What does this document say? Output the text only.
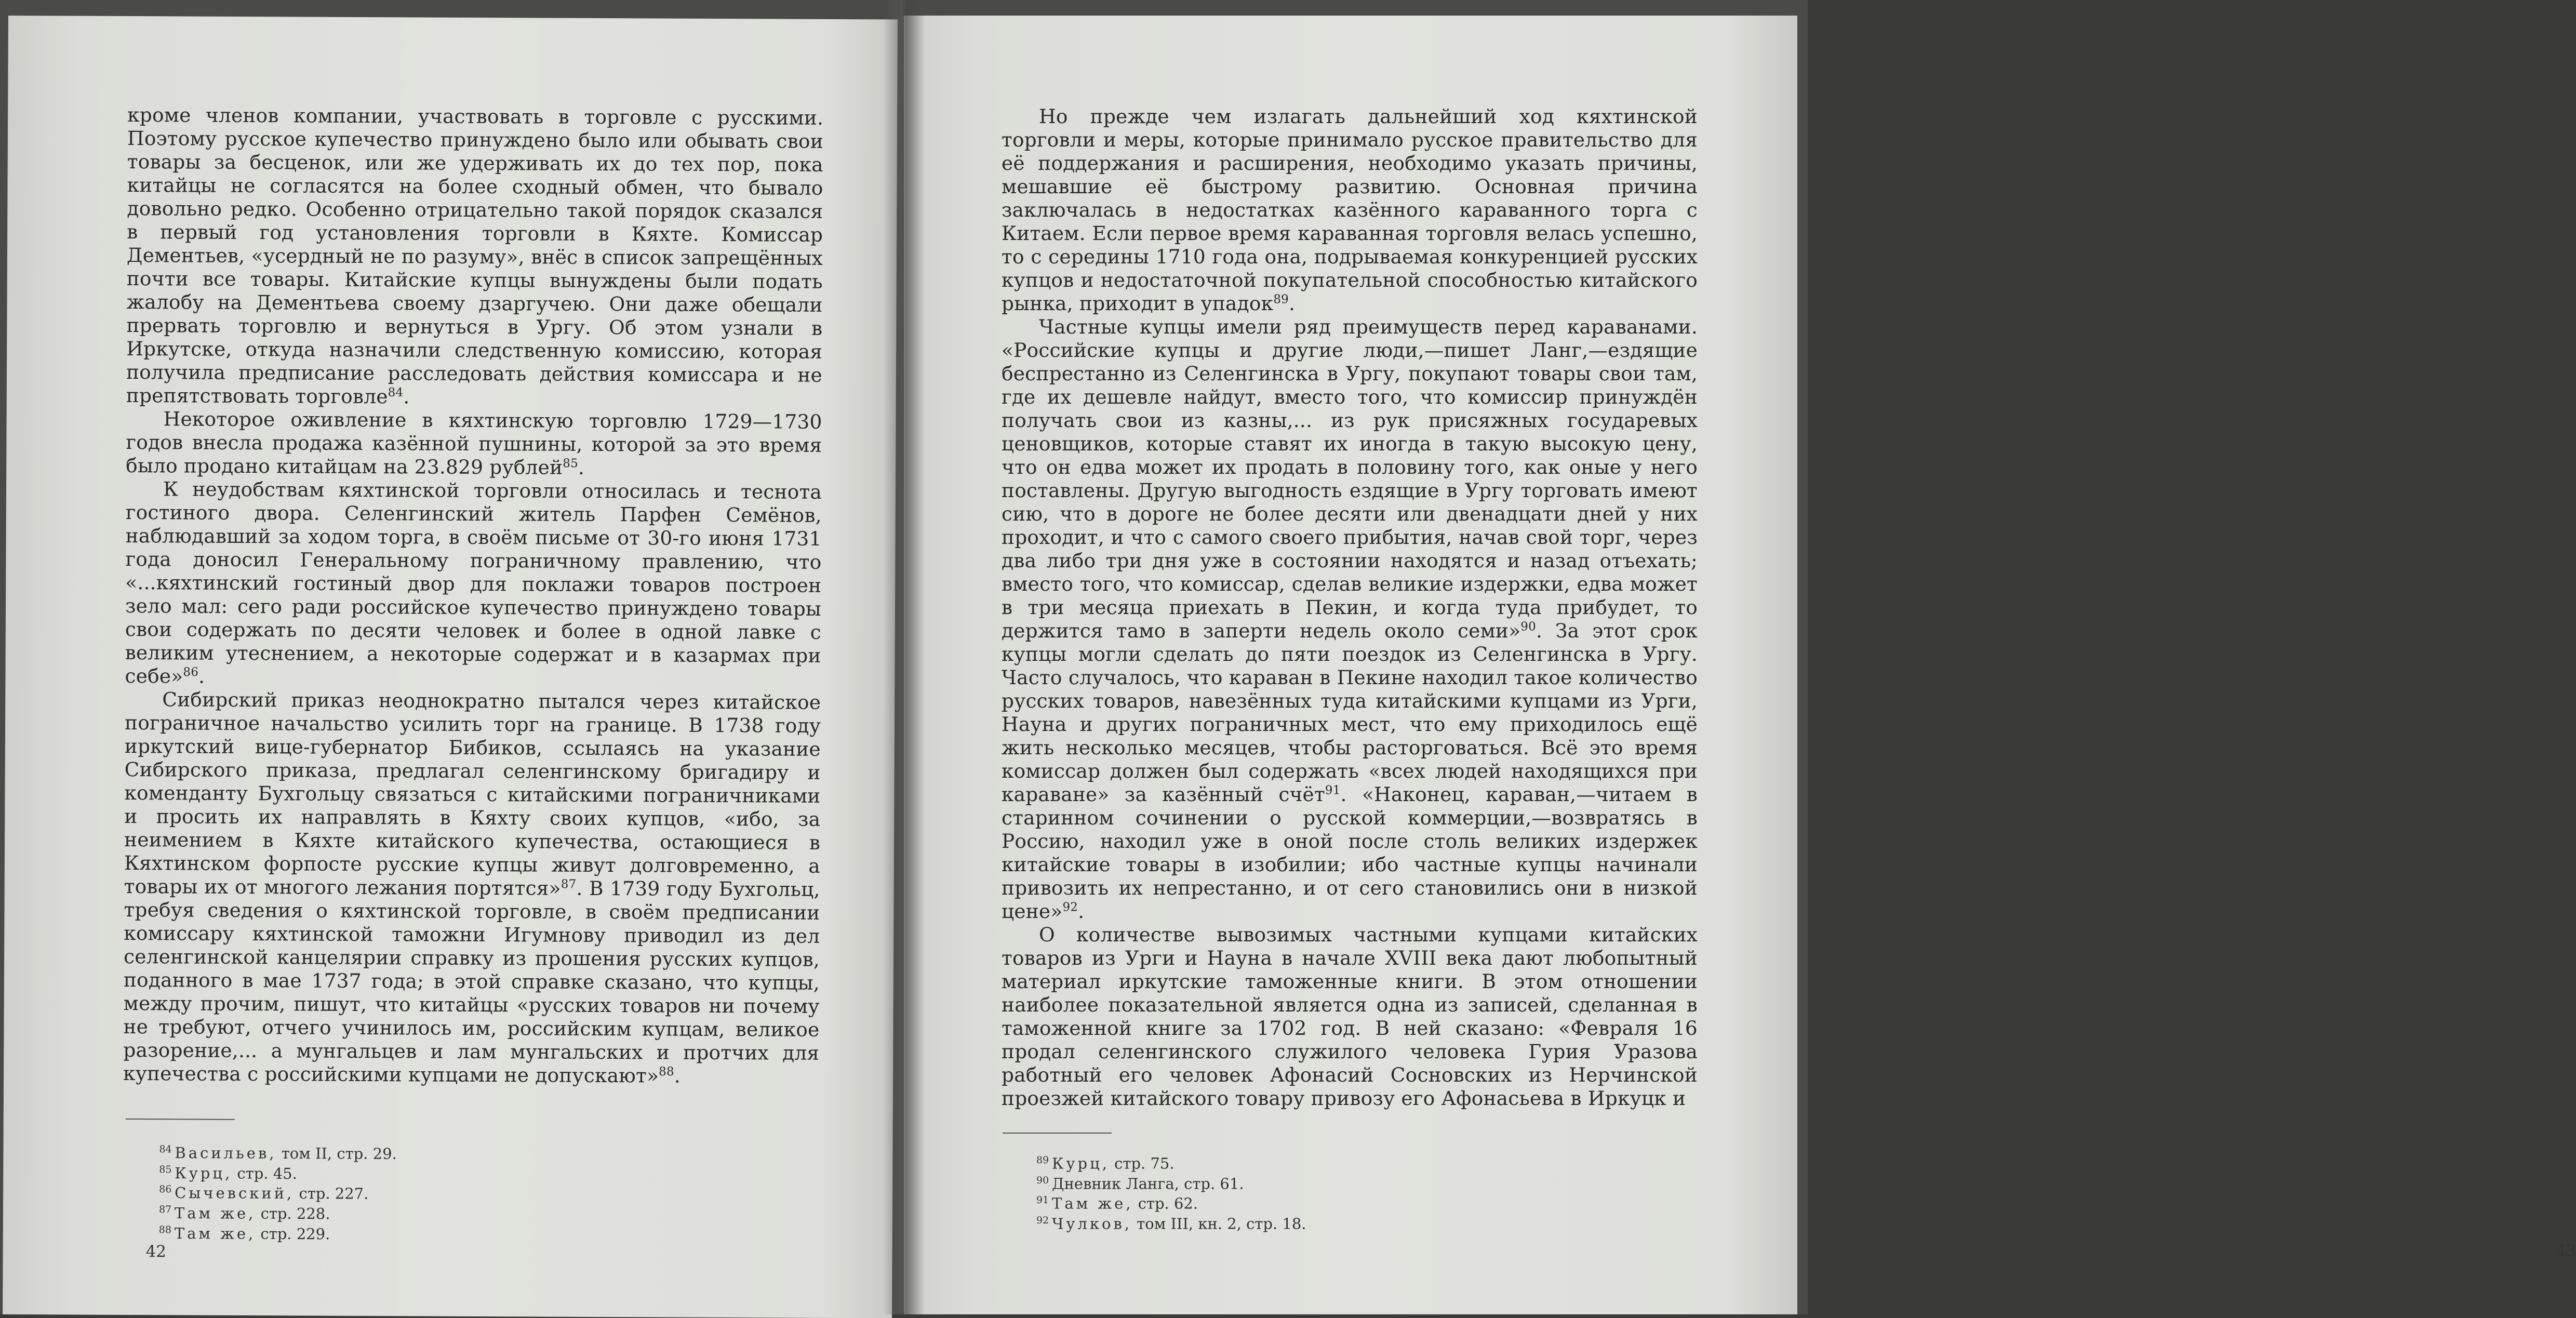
кроме членов компании, участвовать в торговле с русскими. Поэтому русское купечество принуждено было или обывать свои товары за бесценок, или же удерживать их до тех пор, пока китайцы не согласятся на более сходный обмен, что бывало довольно редко. Особенно отрицательно такой порядок сказался в первый год установления торговли в Кяхте. Комиссар Дементьев, «усердный не по разуму», внёс в список запрещённых почти все товары. Китайские купцы вынуждены были подать жалобу на Дементьева своему дзаргучею. Они даже обещали прервать торговлю и вернуться в Ургу. Об этом узнали в Иркутске, откуда назначили следственную комиссию, которая получила предписание расследовать действия комиссара и не препятствовать торговле$^{84}$.

Некоторое оживление в кяхтинскую торговлю 1729—1730 годов внесла продажа казённой пушнины, которой за это время было продано китайцам на 23.829 рублей$^{85}$.

К неудобствам кяхтинской торговли относилась и теснота гостиного двора. Селенгинский житель Парфен Семёнов, наблюдавший за ходом торга, в своём письме от 30-го июня 1731 года доносил Генеральному пограничному правлению, что «...кяхтинский гостиный двор для поклажи товаров построен зело мал: сего ради российское купечество принуждено товары свои содержать по десяти человек и более в одной лавке с великим утеснением, а некоторые содержат и в казармах при себе»$^{86}$.

Сибирский приказ неоднократно пытался через китайское пограничное начальство усилить торг на границе. В 1738 году иркутский вице-губернатор Бибиков, ссылаясь на указание Сибирского приказа, предлагал селенгинскому бригадиру и коменданту Бухгольцу связаться с китайскими пограничниками и просить их направлять в Кяхту своих купцов, «ибо, за неимением в Кяхте китайского купечества, остающиеся в Кяхтинском форпосте русские купцы живут долговременно, а товары их от многого лежания портятся»$^{87}$. В 1739 году Бухгольц, требуя сведения о кяхтинской торговле, в своём предписании комиссару кяхтинской таможни Игумнову приводил из дел селенгинской канцелярии справку из прошения русских купцов, поданного в мае 1737 года; в этой справке сказано, что купцы, между прочим, пишут, что китайцы «русских товаров ни почему не требуют, отчего учинилось им, российским купцам, великое разорение,... а мунгальцев и лам мунгальских и протчих для купечества с российскими купцами не допускают»$^{88}$.

84 Васильев, том II, стр. 29.
85 Курц, стр. 45.
86 Сычевский, стр. 227.
87 Там же, стр. 228.
88 Там же, стр. 229.
42

Но прежде чем излагать дальнейший ход кяхтинской торговли и меры, которые принимало русское правительство для её поддержания и расширения, необходимо указать причины, мешавшие её быстрому развитию. Основная причина заключалась в недостатках казённого караванного торга с Китаем. Если первое время караванная торговля велась успешно, то с середины 1710 года она, подрываемая конкуренцией русских купцов и недостаточной покупательной способностью китайского рынка, приходит в упадок$^{89}$.

Частные купцы имели ряд преимуществ перед караванами. «Российские купцы и другие люди,—пишет Ланг,—ездящие беспрестанно из Селенгинска в Ургу, покупают товары свои там, где их дешевле найдут, вместо того, что комиссир принуждён получать свои из казны,... из рук присяжных государевых ценовщиков, которые ставят их иногда в такую высокую цену, что он едва может их продать в половину того, как оные у него поставлены. Другую выгодность ездящие в Ургу торговать имеют сию, что в дороге не более десяти или двенадцати дней у них проходит, и что с самого своего прибытия, начав свой торг, через два либо три дня уже в состоянии находятся и назад отъехать; вместо того, что комиссар, сделав великие издержки, едва может в три месяца приехать в Пекин, и когда туда прибудет, то держится тамо в заперти недель около семи»$^{90}$. За этот срок купцы могли сделать до пяти поездок из Селенгинска в Ургу. Часто случалось, что караван в Пекине находил такое количество русских товаров, навезённых туда китайскими купцами из Урги, Науна и других пограничных мест, что ему приходилось ещё жить несколько месяцев, чтобы расторговаться. Всё это время комиссар должен был содержать «всех людей находящихся при караване» за казённый счёт$^{91}$. «Наконец, караван,—читаем в старинном сочинении о русской коммерции,—возвратясь в Россию, находил уже в оной после столь великих издержек китайские товары в изобилии; ибо частные купцы начинали привозить их непрестанно, и от сего становились они в низкой цене»$^{92}$.

О количестве вывозимых частными купцами китайских товаров из Урги и Науна в начале XVIII века дают любопытный материал иркутские таможенные книги. В этом отношении наиболее показательной является одна из записей, сделанная в таможенной книге за 1702 год. В ней сказано: «Февраля 16 продал селенгинского служилого человека Гурия Уразова работный его человек Афонасий Сосновских из Нерчинской проезжей китайского товару привозу его Афонасьева в Иркуцк и

89 Курц, стр. 75.
90 Дневник Ланга, стр. 61.
91 Там же, стр. 62.
92 Чулков, том III, кн. 2, стр. 18.
43
